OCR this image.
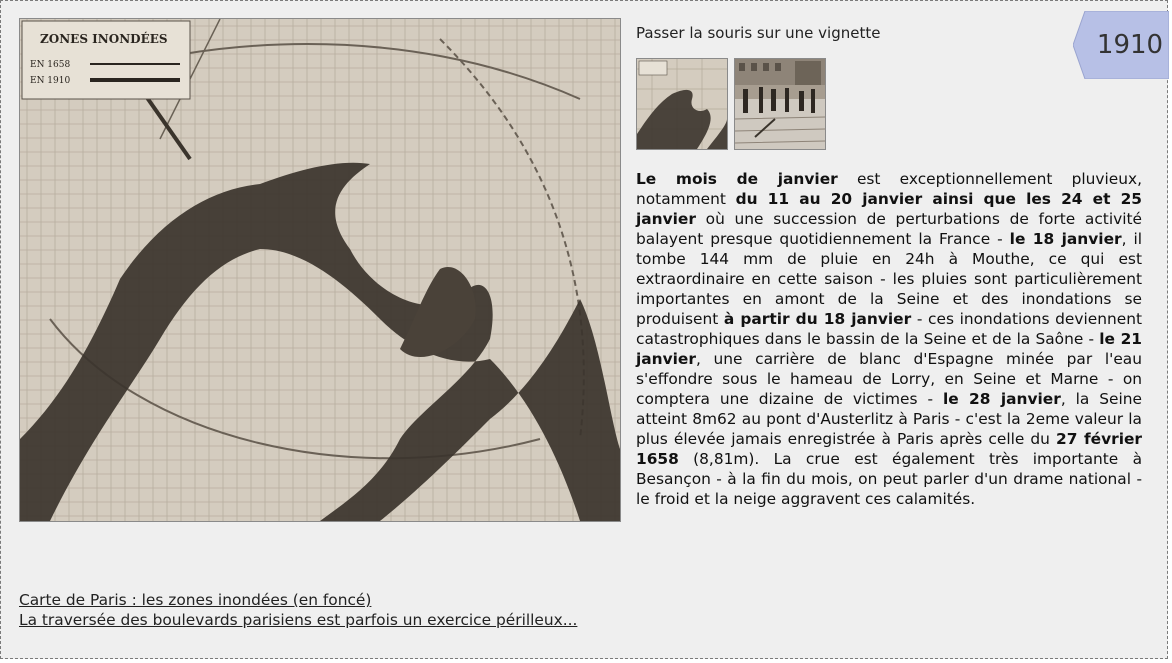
ZONES INONDÉES
EN 1658
EN 1910
Passer la souris sur une vignette	1910
Le mois de janvier est exceptionnellement pluvieux, notamment du 11 au 20 janvier ainsi que les 24 et 25 janvier où une succession de perturbations de forte activité balayent presque quotidiennement la France - le 18 janvier, il tombe 144 mm de pluie en 24h à Mouthe, ce qui est extraordinaire en cette saison - les pluies sont particulièrement importantes en amont de la Seine et des inondations se produisent à partir du 18 janvier - ces inondations deviennent catastrophiques dans le bassin de la Seine et de la Saône - le 21 janvier, une carrière de blanc d'Espagne minée par l'eau s'effondre sous le hameau de Lorry, en Seine et Marne - on comptera une dizaine de victimes - le 28 janvier, la Seine atteint 8m62 au pont d'Austerlitz à Paris - c'est la 2eme valeur la plus élevée jamais enregistrée à Paris après celle du 27 février 1658 (8,81m). La crue est également très importante à Besançon - à la fin du mois, on peut parler d'un drame national - le froid et la neige aggravent ces calamités.
Carte de Paris : les zones inondées (en foncé)
La traversée des boulevards parisiens est parfois un exercice périlleux...
